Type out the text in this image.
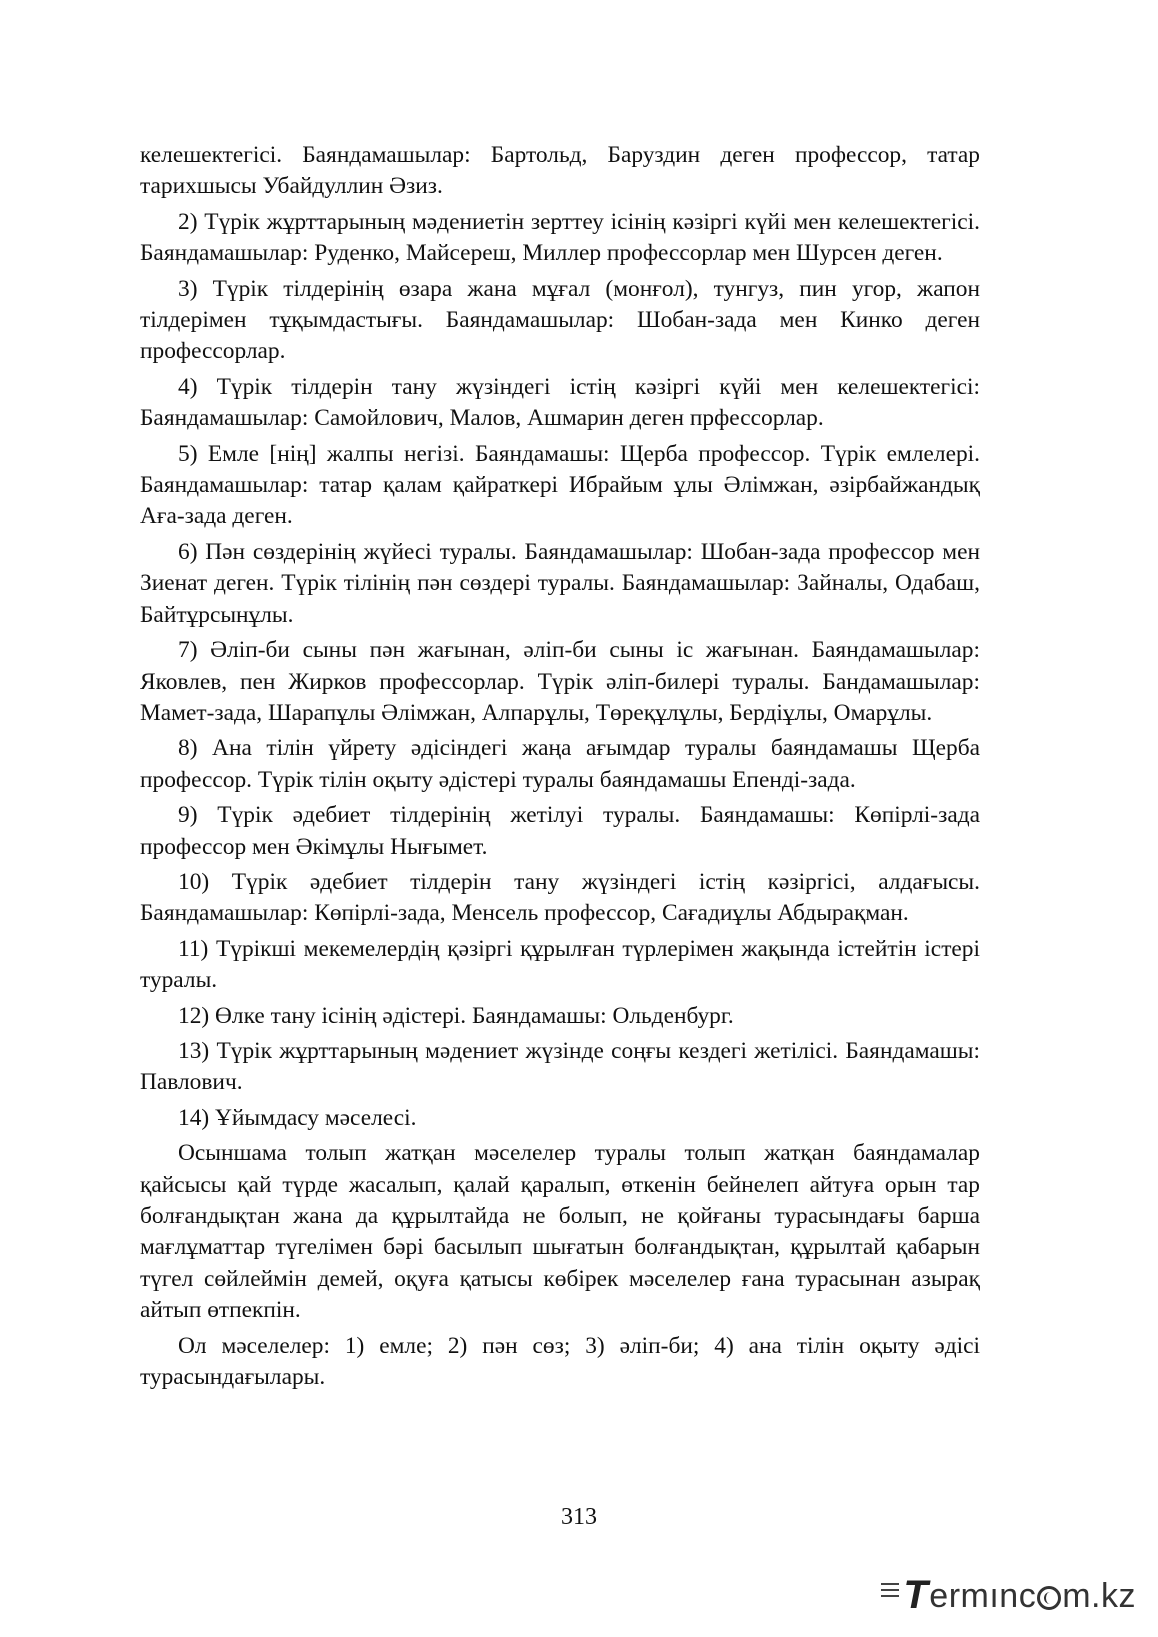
келешектегісі. Баяндамашылар: Бартольд, Баруздин деген профессор, татар тарихшысы Убайдуллин Әзиз.

2) Түрік жұрттарының мәдениетін зерттеу ісінің кәзіргі күйі мен келешектегісі. Баяндамашылар: Руденко, Майсереш, Миллер профессорлар мен Шурсен деген.

3) Түрік тілдерінің өзара жана мұғал (монғол), тунгуз, пин угор, жапон тілдерімен тұқымдастығы. Баяндамашылар: Шобан-зада мен Кинко деген профессорлар.

4) Түрік тілдерін тану жүзіндегі істің кәзіргі күйі мен келешектегісі: Баяндамашылар: Самойлович, Малов, Ашмарин деген прфессорлар.

5) Емле [нің] жалпы негізі. Баяндамашы: Щерба профессор. Түрік емлелері. Баяндамашылар: татар қалам қайраткері Ибрайым ұлы Әлімжан, әзірбайжандық Аға-зада деген.

6) Пән сөздерінің жүйесі туралы. Баяндамашылар: Шобан-зада профессор мен Зиенат деген. Түрік тілінің пән сөздері туралы. Баяндамашылар: Зайналы, Одабаш, Байтұрсынұлы.

7) Әліп-би сыны пән жағынан, әліп-би сыны іс жағынан. Баяндамашылар: Яковлев, пен Жирков профессорлар. Түрік әліп-билері туралы. Бандамашылар: Мамет-зада, Шарапұлы Әлімжан, Алпарұлы, Төреқұлұлы, Бердіұлы, Омарұлы.

8) Ана тілін үйрету әдісіндегі жаңа ағымдар туралы баяндамашы Щерба профессор. Түрік тілін оқыту әдістері туралы баяндамашы Епенді-зада.

9) Түрік әдебиет тілдерінің жетілуі туралы. Баяндамашы: Көпірлі-зада профессор мен Әкімұлы Нығымет.

10) Түрік әдебиет тілдерін тану жүзіндегі істің кәзіргісі, алдағысы. Баяндамашылар: Көпірлі-зада, Менсель профессор, Сағадиұлы Абдырақман.

11) Түрікші мекемелердің қәзіргі құрылған түрлерімен жақында істейтін істері туралы.

12) Өлке тану ісінің әдістері. Баяндамашы: Ольденбург.

13) Түрік жұрттарының мәдениет жүзінде соңғы кездегі жетілісі. Баяндамашы: Павлович.

14) Ұйымдасу мәселесі.

Осыншама толып жатқан мәселелер туралы толып жатқан баяндамалар қайсысы қай түрде жасалып, қалай қаралып, өткенін бейнелеп айтуға орын тар болғандықтан жана да құрылтайда не болып, не қойғаны турасындағы барша мағлұматтар түгелімен бәрі басылып шығатын болғандықтан, құрылтай қабарын түгел сөйлеймін демей, оқуға қатысы көбірек мәселелер ғана турасынан азырақ айтып өтпекпін.

Ол мәселелер: 1) емле; 2) пән сөз; 3) әліп-би; 4) ана тілін оқыту әдісі турасындағылары.

313
T ermınc m.kz
